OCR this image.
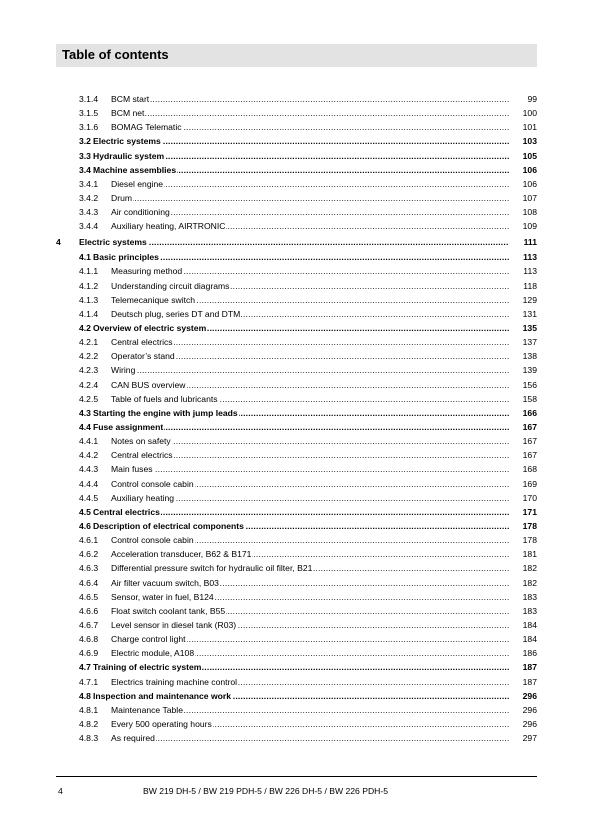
Table of contents
3.1.4 BCM start .....	99
3.1.5 BCM net .....	100
3.1.6 BOMAG Telematic .....	101
3.2 Electric systems .....	103
3.3 Hydraulic system .....	105
3.4 Machine assemblies .....	106
3.4.1 Diesel engine .....	106
3.4.2 Drum .....	107
3.4.3 Air conditioning .....	108
3.4.4 Auxiliary heating, AIRTRONIC .....	109
4 Electric systems .....	111
4.1 Basic principles .....	113
4.1.1 Measuring method .....	113
4.1.2 Understanding circuit diagrams .....	118
4.1.3 Telemecanique switch .....	129
4.1.4 Deutsch plug, series DT and DTM .....	131
4.2 Overview of electric system .....	135
4.2.1 Central electrics .....	137
4.2.2 Operator’s stand .....	138
4.2.3 Wiring .....	139
4.2.4 CAN BUS overview .....	156
4.2.5 Table of fuels and lubricants .....	158
4.3 Starting the engine with jump leads .....	166
4.4 Fuse assignment .....	167
4.4.1 Notes on safety .....	167
4.4.2 Central electrics .....	167
4.4.3 Main fuses .....	168
4.4.4 Control console cabin .....	169
4.4.5 Auxiliary heating .....	170
4.5 Central electrics .....	171
4.6 Description of electrical components .....	178
4.6.1 Control console cabin .....	178
4.6.2 Acceleration transducer, B62 & B171 .....	181
4.6.3 Differential pressure switch for hydraulic oil filter, B21 .....	182
4.6.4 Air filter vacuum switch, B03 .....	182
4.6.5 Sensor, water in fuel, B124 .....	183
4.6.6 Float switch coolant tank, B55 .....	183
4.6.7 Level sensor in diesel tank (R03) .....	184
4.6.8 Charge control light .....	184
4.6.9 Electric module, A108 .....	186
4.7 Training of electric system .....	187
4.7.1 Electrics training machine control .....	187
4.8 Inspection and maintenance work .....	296
4.8.1 Maintenance Table .....	296
4.8.2 Every 500 operating hours .....	296
4.8.3 As required .....	297
4	BW 219 DH-5 / BW 219 PDH-5 / BW 226 DH-5 / BW 226 PDH-5
